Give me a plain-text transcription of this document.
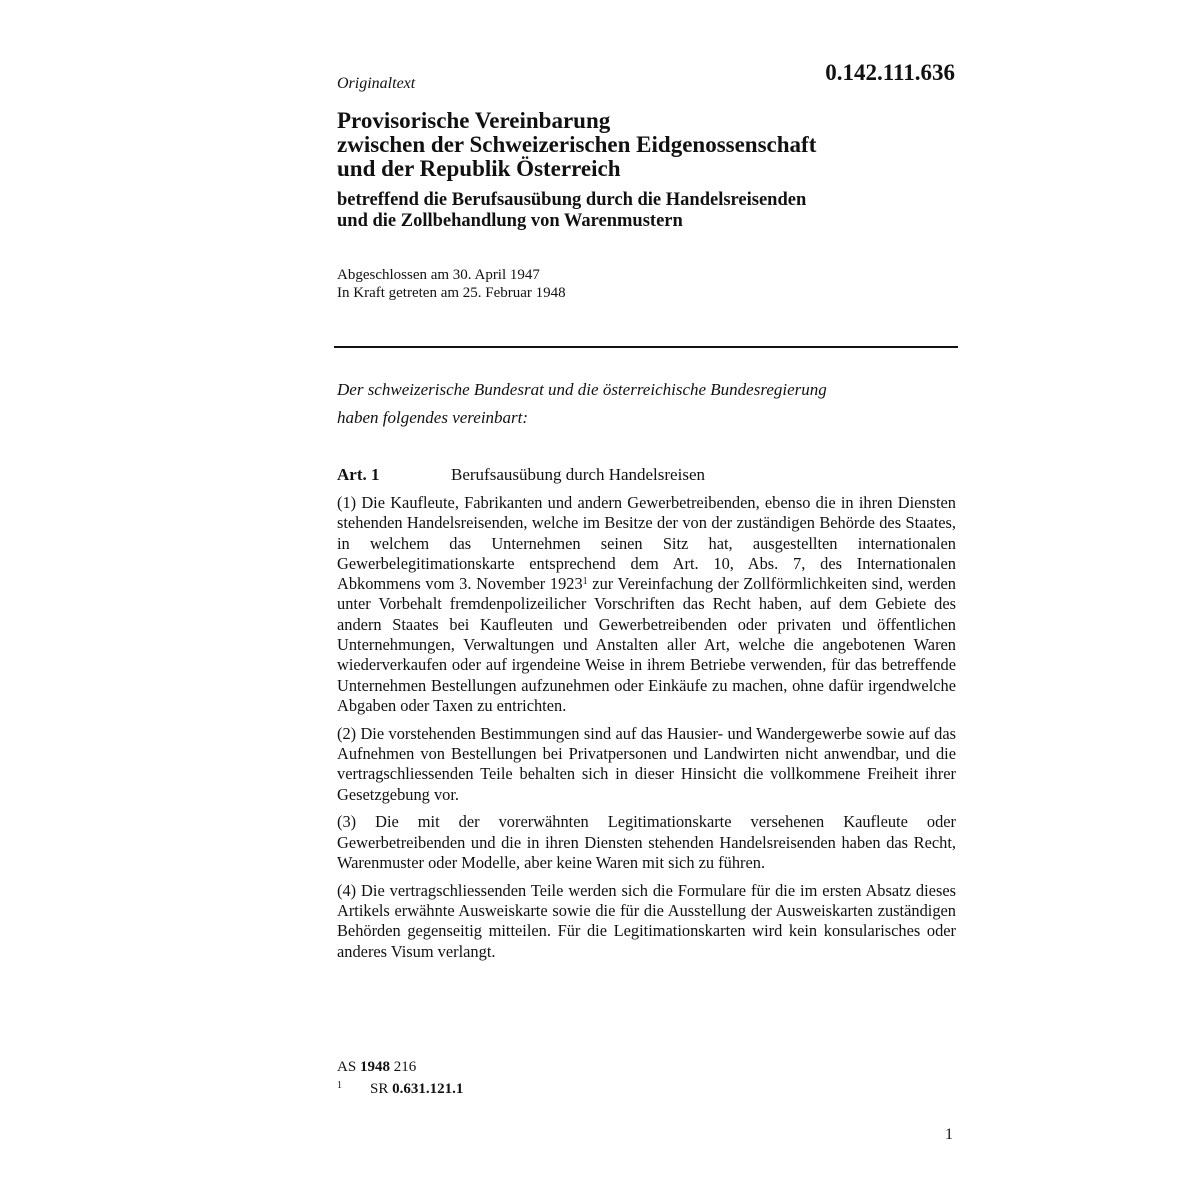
Originaltext	0.142.111.636
Provisorische Vereinbarung
zwischen der Schweizerischen Eidgenossenschaft
und der Republik Österreich
betreffend die Berufsausübung durch die Handelsreisenden
und die Zollbehandlung von Warenmustern
Abgeschlossen am 30. April 1947
In Kraft getreten am 25. Februar 1948
Der schweizerische Bundesrat und die österreichische Bundesregierung
haben folgendes vereinbart:
Art. 1	Berufsausübung durch Handelsreisen

(1) Die Kaufleute, Fabrikanten und andern Gewerbetreibenden, ebenso die in ihren Diensten stehenden Handelsreisenden, welche im Besitze der von der zuständigen Behörde des Staates, in welchem das Unternehmen seinen Sitz hat, ausgestellten internationalen Gewerbelegitimationskarte entsprechend dem Art. 10, Abs. 7, des Internationalen Abkommens vom 3. November 1923$^1$ zur Vereinfachung der Zollförmlichkeiten sind, werden unter Vorbehalt fremdenpolizeilicher Vorschriften das Recht haben, auf dem Gebiete des andern Staates bei Kaufleuten und Gewerbetreibenden oder privaten und öffentlichen Unternehmungen, Verwaltungen und Anstalten aller Art, welche die angebotenen Waren wiederverkaufen oder auf irgendeine Weise in ihrem Betriebe verwenden, für das betreffende Unternehmen Bestellungen aufzunehmen oder Einkäufe zu machen, ohne dafür irgendwelche Abgaben oder Taxen zu entrichten.

(2) Die vorstehenden Bestimmungen sind auf das Hausier- und Wandergewerbe sowie auf das Aufnehmen von Bestellungen bei Privatpersonen und Landwirten nicht anwendbar, und die vertragschliessenden Teile behalten sich in dieser Hinsicht die vollkommene Freiheit ihrer Gesetzgebung vor.

(3) Die mit der vorerwähnten Legitimationskarte versehenen Kaufleute oder Gewerbetreibenden und die in ihren Diensten stehenden Handelsreisenden haben das Recht, Warenmuster oder Modelle, aber keine Waren mit sich zu führen.

(4) Die vertragschliessenden Teile werden sich die Formulare für die im ersten Absatz dieses Artikels erwähnte Ausweiskarte sowie die für die Ausstellung der Ausweiskarten zuständigen Behörden gegenseitig mitteilen. Für die Legitimationskarten wird kein konsularisches oder anderes Visum verlangt.

AS 1948 216
1 SR 0.631.121.1
1
